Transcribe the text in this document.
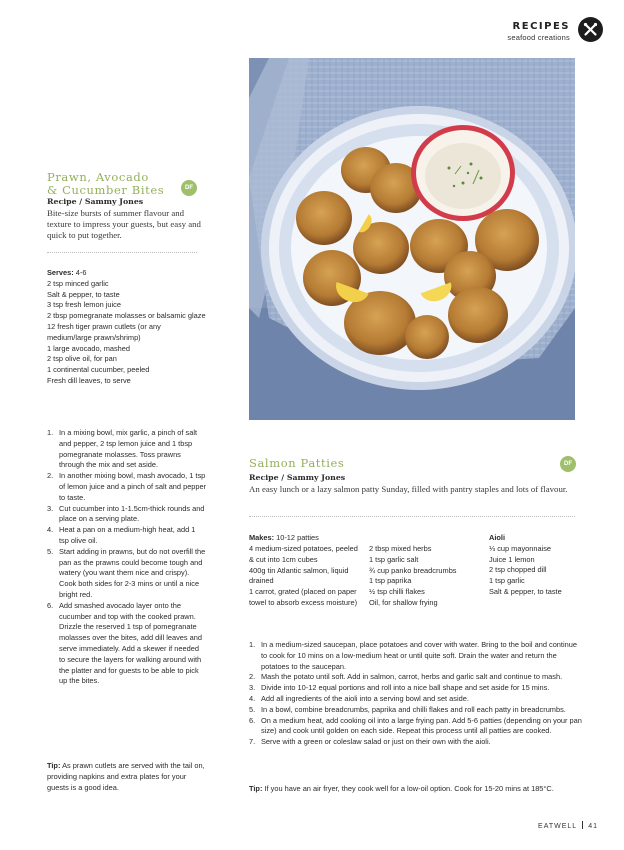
RECIPES
seafood creations
Prawn, Avocado
& Cucumber Bites	DF
Recipe / Sammy Jones
Bite-size bursts of summer flavour and texture to impress your guests, but easy and quick to put together.
Serves: 4-6
2 tsp minced garlic
Salt & pepper, to taste
3 tsp fresh lemon juice
2 tbsp pomegranate molasses or balsamic glaze
12 fresh tiger prawn cutlets (or any medium/large prawn/shrimp)
1 large avocado, mashed
2 tsp olive oil, for pan
1 continental cucumber, peeled
Fresh dill leaves, to serve
1. In a mixing bowl, mix garlic, a pinch of salt and pepper, 2 tsp lemon juice and 1 tbsp pomegranate molasses. Toss prawns through the mix and set aside.
2. In another mixing bowl, mash avocado, 1 tsp of lemon juice and a pinch of salt and pepper to taste.
3. Cut cucumber into 1-1.5cm-thick rounds and place on a serving plate.
4. Heat a pan on a medium-high heat, add 1 tsp olive oil.
5. Start adding in prawns, but do not overfill the pan as the prawns could become tough and watery (you want them nice and crispy). Cook both sides for 2-3 mins or until a nice bright red.
6. Add smashed avocado layer onto the cucumber and top with the cooked prawn. Drizzle the reserved 1 tsp of pomegranate molasses over the bites, add dill leaves and serve immediately. Add a skewer if needed to secure the layers for walking around with the platter and for guests to be able to pick up the bites.
Tip: As prawn cutlets are served with the tail on, providing napkins and extra plates for your guests is a good idea.
Salmon Patties	DF
Recipe / Sammy Jones
An easy lunch or a lazy salmon patty Sunday, filled with pantry staples and lots of flavour.
Makes: 10-12 patties
4 medium-sized potatoes, peeled & cut into 1cm cubes
400g tin Atlantic salmon, liquid drained
1 carrot, grated (placed on paper towel to absorb excess moisture)
2 tbsp mixed herbs
1 tsp garlic salt
¾ cup panko breadcrumbs
1 tsp paprika
½ tsp chilli flakes
Oil, for shallow frying
Aioli
⅓ cup mayonnaise
Juice 1 lemon
2 tsp chopped dill
1 tsp garlic
Salt & pepper, to taste
1. In a medium-sized saucepan, place potatoes and cover with water. Bring to the boil and continue to cook for 10 mins on a low-medium heat or until quite soft. Drain the water and return the potatoes to the saucepan.
2. Mash the potato until soft. Add in salmon, carrot, herbs and garlic salt and continue to mash.
3. Divide into 10-12 equal portions and roll into a nice ball shape and set aside for 15 mins.
4. Add all ingredients of the aioli into a serving bowl and set aside.
5. In a bowl, combine breadcrumbs, paprika and chilli flakes and roll each patty in breadcrumbs.
6. On a medium heat, add cooking oil into a large frying pan. Add 5-6 patties (depending on your pan size) and cook until golden on each side. Repeat this process until all patties are cooked.
7. Serve with a green or coleslaw salad or just on their own with the aioli.
Tip: If you have an air fryer, they cook well for a low-oil option. Cook for 15-20 mins at 185°C.
EATWELL 41
